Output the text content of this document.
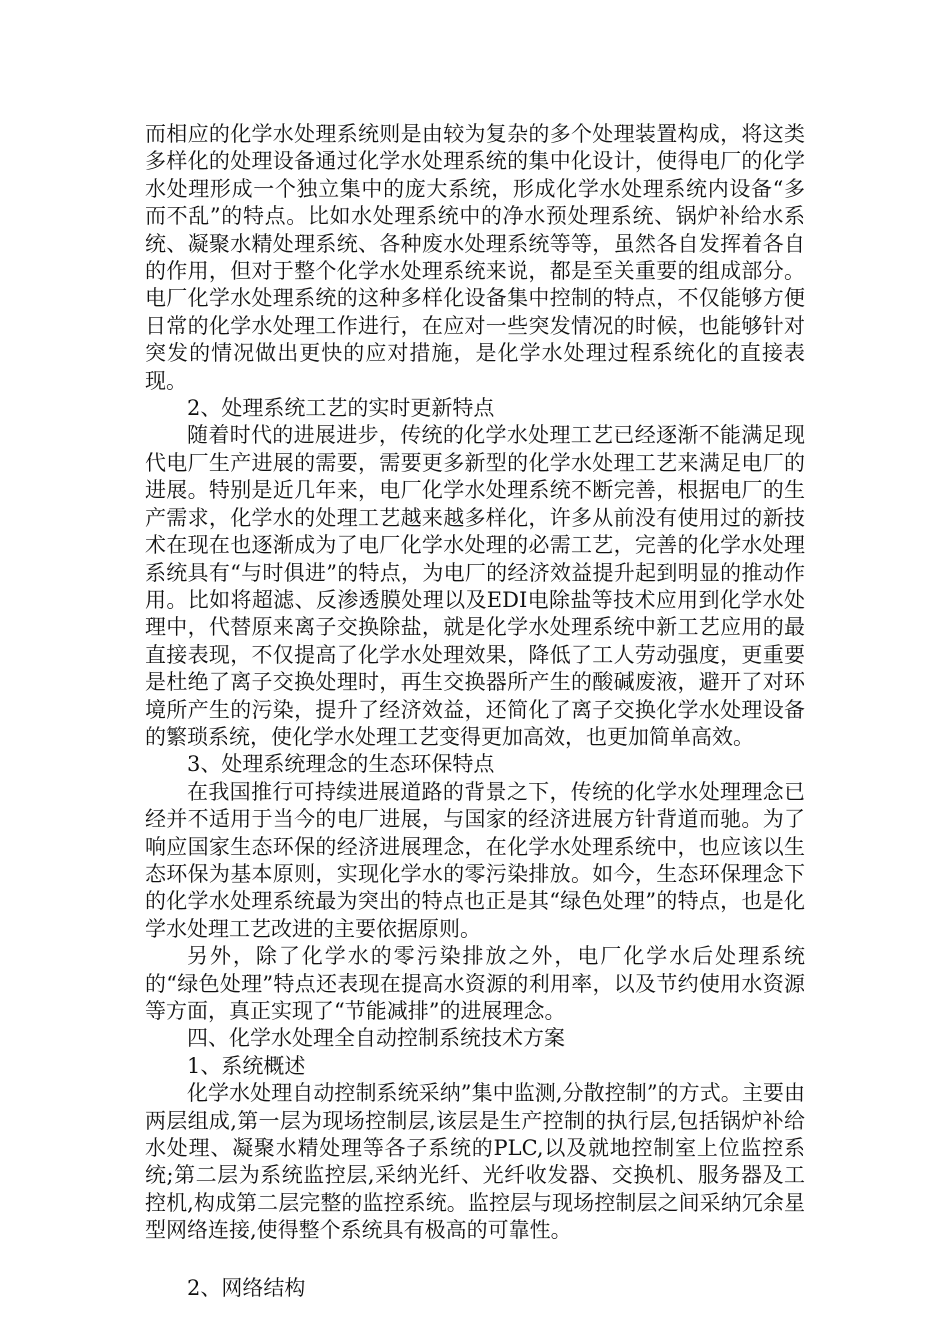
而相应的化学水处理系统则是由较为复杂的多个处理装置构成，将这类多样化的处理设备通过化学水处理系统的集中化设计，使得电厂的化学水处理形成一个独立集中的庞大系统，形成化学水处理系统内设备“多而不乱”的特点。比如水处理系统中的净水预处理系统、锅炉补给水系统、凝聚水精处理系统、各种废水处理系统等等，虽然各自发挥着各自的作用，但对于整个化学水处理系统来说，都是至关重要的组成部分。电厂化学水处理系统的这种多样化设备集中控制的特点，不仅能够方便日常的化学水处理工作进行，在应对一些突发情况的时候，也能够针对突发的情况做出更快的应对措施，是化学水处理过程系统化的直接表现。

2、处理系统工艺的实时更新特点

随着时代的进展进步，传统的化学水处理工艺已经逐渐不能满足现代电厂生产进展的需要，需要更多新型的化学水处理工艺来满足电厂的进展。特别是近几年来，电厂化学水处理系统不断完善，根据电厂的生产需求，化学水的处理工艺越来越多样化，许多从前没有使用过的新技术在现在也逐渐成为了电厂化学水处理的必需工艺，完善的化学水处理系统具有“与时俱进”的特点，为电厂的经济效益提升起到明显的推动作用。比如将超滤、反渗透膜处理以及EDI电除盐等技术应用到化学水处理中，代替原来离子交换除盐，就是化学水处理系统中新工艺应用的最直接表现，不仅提高了化学水处理效果，降低了工人劳动强度，更重要是杜绝了离子交换处理时，再生交换器所产生的酸碱废液，避开了对环境所产生的污染，提升了经济效益，还简化了离子交换化学水处理设备的繁琐系统，使化学水处理工艺变得更加高效，也更加简单高效。

3、处理系统理念的生态环保特点

在我国推行可持续进展道路的背景之下，传统的化学水处理理念已经并不适用于当今的电厂进展，与国家的经济进展方针背道而驰。为了响应国家生态环保的经济进展理念，在化学水处理系统中，也应该以生态环保为基本原则，实现化学水的零污染排放。如今，生态环保理念下的化学水处理系统最为突出的特点也正是其“绿色处理”的特点，也是化学水处理工艺改进的主要依据原则。

另外，除了化学水的零污染排放之外，电厂化学水后处理系统的“绿色处理”特点还表现在提高水资源的利用率，以及节约使用水资源等方面，真正实现了“节能减排”的进展理念。

四、化学水处理全自动控制系统技术方案

1、系统概述

化学水处理自动控制系统采纳”集中监测,分散控制”的方式。主要由两层组成,第一层为现场控制层,该层是生产控制的执行层,包括锅炉补给水处理、凝聚水精处理等各子系统的PLC,以及就地控制室上位监控系统;第二层为系统监控层,采纳光纤、光纤收发器、交换机、服务器及工控机,构成第二层完整的监控系统。监控层与现场控制层之间采纳冗余星型网络连接,使得整个系统具有极高的可靠性。

2、网络结构
